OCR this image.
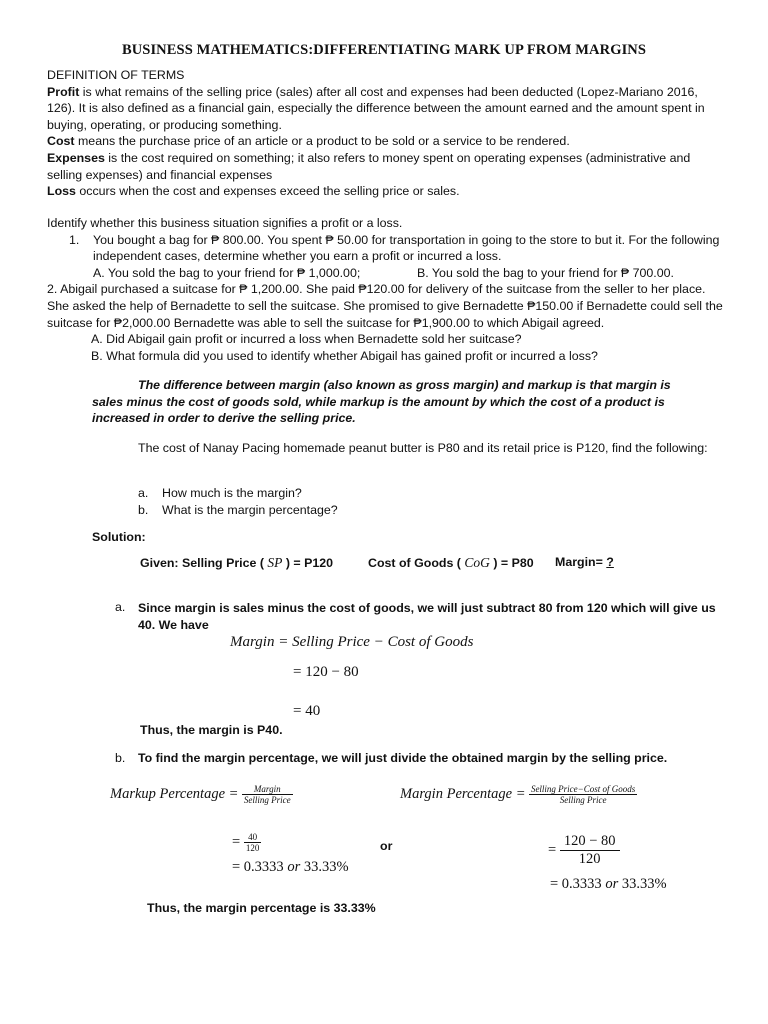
BUSINESS MATHEMATICS:DIFFERENTIATING MARK UP FROM MARGINS
DEFINITION OF TERMS
Profit is what remains of the selling price (sales) after all cost and expenses had been deducted (Lopez-Mariano 2016, 126). It is also defined as a financial gain, especially the difference between the amount earned and the amount spent in buying, operating, or producing something.
Cost means the purchase price of an article or a product to be sold or a service to be rendered.
Expenses is the cost required on something; it also refers to money spent on operating expenses (administrative and selling expenses) and financial expenses
Loss occurs when the cost and expenses exceed the selling price or sales.
Identify whether this business situation signifies a profit or a loss.
1. You bought a bag for ₱ 800.00. You spent ₱ 50.00 for transportation in going to the store to but it. For the following independent cases, determine whether you earn a profit or incurred a loss.
A. You sold the bag to your friend for ₱ 1,000.00;	B. You sold the bag to your friend for ₱ 700.00.
2. Abigail purchased a suitcase for ₱ 1,200.00. She paid ₱120.00 for delivery of the suitcase from the seller to her place. She asked the help of Bernadette to sell the suitcase. She promised to give Bernadette ₱150.00 if Bernadette could sell the suitcase for ₱2,000.00 Bernadette was able to sell the suitcase for ₱1,900.00 to which Abigail agreed.
A. Did Abigail gain profit or incurred a loss when Bernadette sold her suitcase?
B. What formula did you used to identify whether Abigail has gained profit or incurred a loss?
The difference between margin (also known as gross margin) and markup is that margin is sales minus the cost of goods sold, while markup is the amount by which the cost of a product is increased in order to derive the selling price.
The cost of Nanay Pacing homemade peanut butter is P80 and its retail price is P120, find the following:
a. How much is the margin?
b. What is the margin percentage?
Solution:
Given: Selling Price ( SP ) = P120	Cost of Goods ( CoG ) = P80 Margin= ?
a. Since margin is sales minus the cost of goods, we will just subtract 80 from 120 which will give us 40. We have
Margin = Selling Price − Cost of Goods
= 120 − 80
= 40
Thus, the margin is P40.
b. To find the margin percentage, we will just divide the obtained margin by the selling price.
Markup Percentage = $\frac{\text{Margin}}{\text{Selling Price}}$	Margin Percentage = $\frac{\text{Selling Price−Cost of Goods}}{\text{Selling Price}}$
= $\frac{40}{120}$
= 0.3333 or 33.33%
or	= $\frac{120 - 80}{120}$
= 0.3333 or 33.33%
Thus, the margin percentage is 33.33%
